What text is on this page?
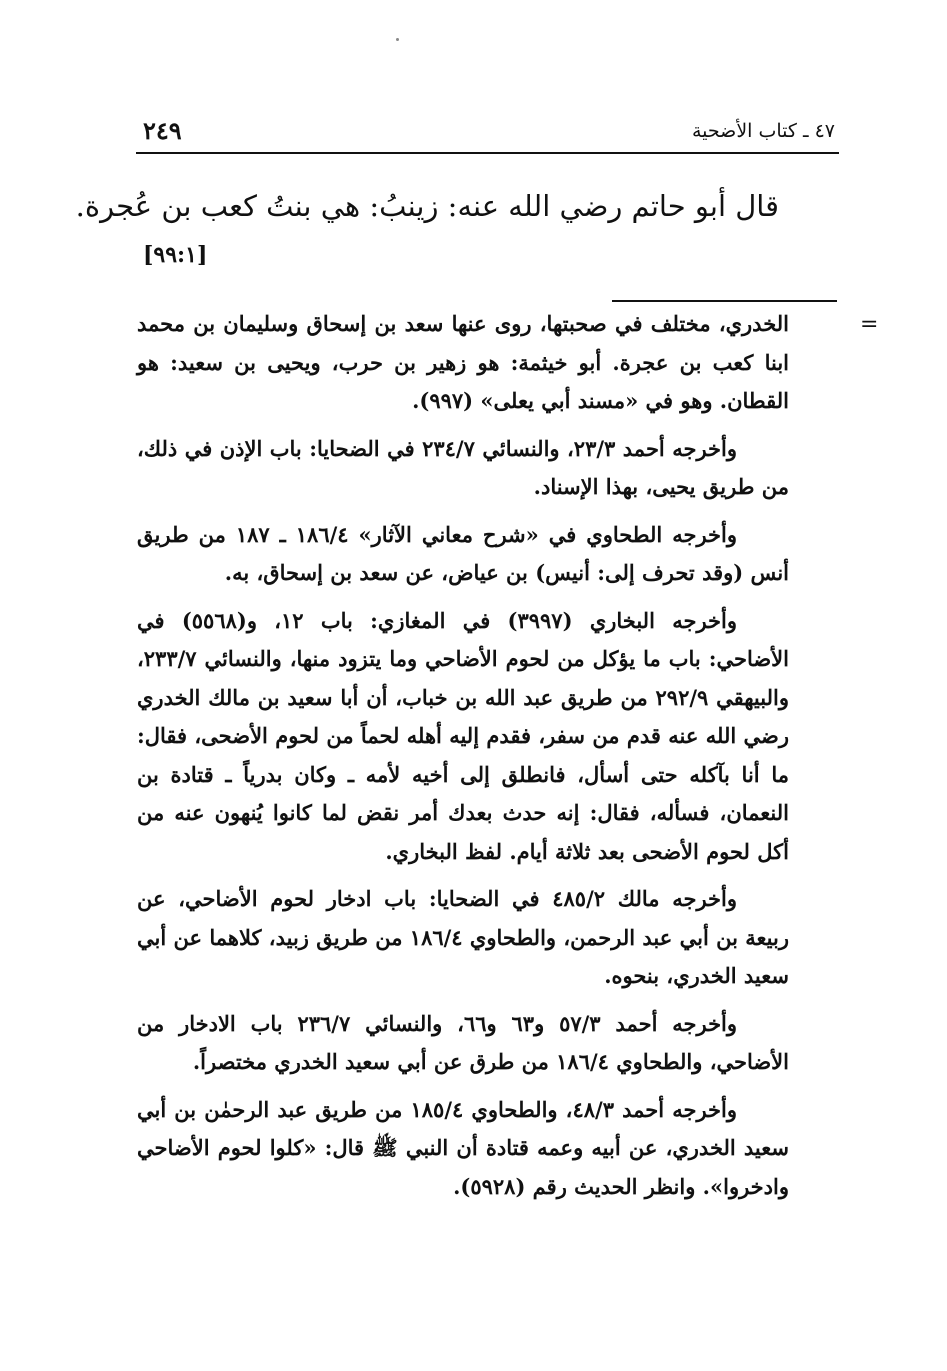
٤٧ ـ كتاب الأضحية
٢٤٩
قال أبو حاتم رضي الله عنه: زينبُ: هي بنتُ كعب بن عُجرة.
[٩٩:١]
=

الخدري، مختلف في صحبتها، روى عنها سعد بن إسحاق وسليمان بن محمد ابنا كعب بن عجرة. أبو خيثمة: هو زهير بن حرب، ويحيى بن سعيد: هو القطان. وهو في «مسند أبي يعلى» (٩٩٧).

وأخرجه أحمد ٢٣/٣، والنسائي ٢٣٤/٧ في الضحايا: باب الإذن في ذلك، من طريق يحيى، بهذا الإسناد.

وأخرجه الطحاوي في «شرح معاني الآثار» ١٨٦/٤ ـ ١٨٧ من طريق أنس (وقد تحرف إلى: أنيس) بن عياض، عن سعد بن إسحاق، به.

وأخرجه البخاري (٣٩٩٧) في المغازي: باب ١٢، و(٥٥٦٨) في الأضاحي: باب ما يؤكل من لحوم الأضاحي وما يتزود منها، والنسائي ٢٣٣/٧، والبيهقي ٢٩٢/٩ من طريق عبد الله بن خباب، أن أبا سعيد بن مالك الخدري رضي الله عنه قدم من سفر، فقدم إليه أهله لحماً من لحوم الأضحى، فقال: ما أنا بآكله حتى أسأل، فانطلق إلى أخيه لأمه ـ وكان بدرياً ـ قتادة بن النعمان، فسأله، فقال: إنه حدث بعدك أمر نقض لما كانوا يُنهون عنه من أكل لحوم الأضحى بعد ثلاثة أيام. لفظ البخاري.

وأخرجه مالك ٤٨٥/٢ في الضحايا: باب ادخار لحوم الأضاحي، عن ربيعة بن أبي عبد الرحمن، والطحاوي ١٨٦/٤ من طريق زبيد، كلاهما عن أبي سعيد الخدري، بنحوه.

وأخرجه أحمد ٥٧/٣ و٦٣ و٦٦، والنسائي ٢٣٦/٧ باب الادخار من الأضاحي، والطحاوي ١٨٦/٤ من طرق عن أبي سعيد الخدري مختصراً.

وأخرجه أحمد ٤٨/٣، والطحاوي ١٨٥/٤ من طريق عبد الرحمٰن بن أبي سعيد الخدري، عن أبيه وعمه قتادة أن النبي ﷺ قال: «كلوا لحوم الأضاحي وادخروا». وانظر الحديث رقم (٥٩٢٨).
